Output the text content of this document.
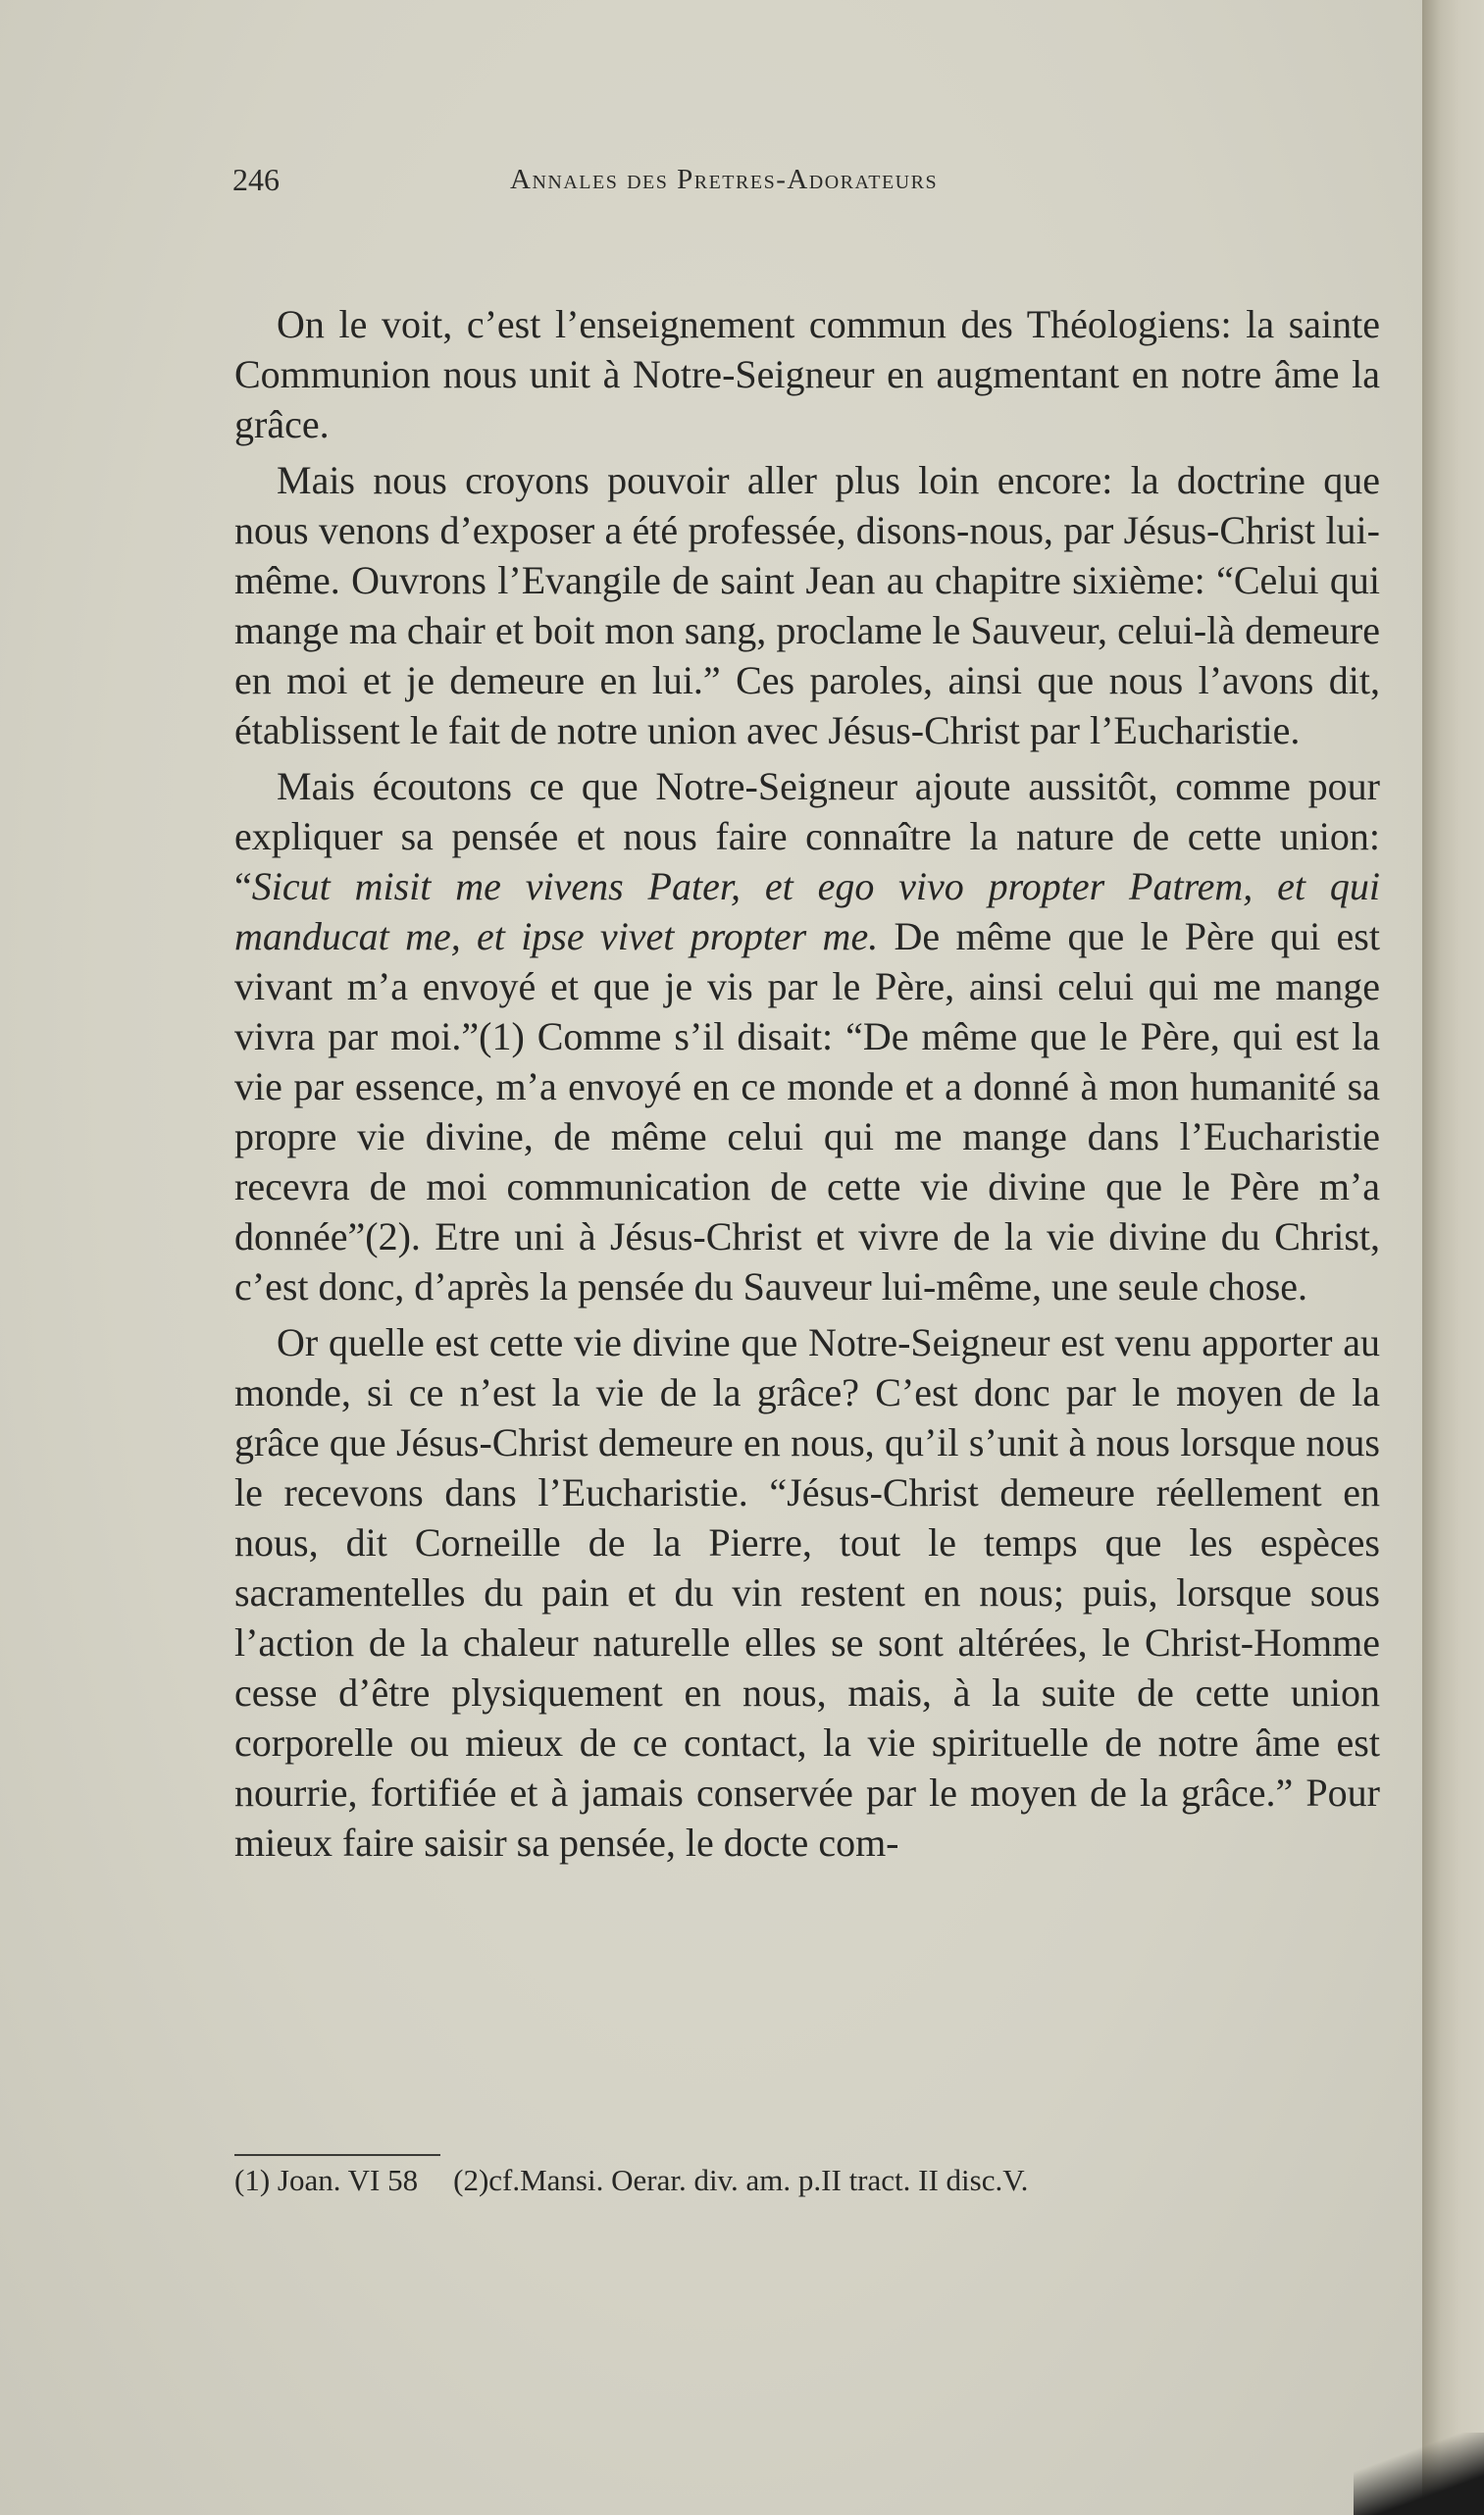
246	Annales des Pretres-Adorateurs

On le voit, c’est l’enseignement commun des Théologiens: la sainte Communion nous unit à Notre-Seigneur en augmentant en notre âme la grâce.

Mais nous croyons pouvoir aller plus loin encore: la doctrine que nous venons d’exposer a été professée, disons-nous, par Jésus-Christ lui-même. Ouvrons l’Evangile de saint Jean au chapitre sixième: “Celui qui mange ma chair et boit mon sang, proclame le Sauveur, celui-là demeure en moi et je demeure en lui.” Ces paroles, ainsi que nous l’avons dit, établissent le fait de notre union avec Jésus-Christ par l’Eucharistie.

Mais écoutons ce que Notre-Seigneur ajoute aussitôt, comme pour expliquer sa pensée et nous faire connaître la nature de cette union: “Sicut misit me vivens Pater, et ego vivo propter Patrem, et qui manducat me, et ipse vivet propter me. De même que le Père qui est vivant m’a envoyé et que je vis par le Père, ainsi celui qui me mange vivra par moi.”(1) Comme s’il disait: “De même que le Père, qui est la vie par essence, m’a envoyé en ce monde et a donné à mon humanité sa propre vie divine, de même celui qui me mange dans l’Eucharistie recevra de moi communication de cette vie divine que le Père m’a donnée”(2). Etre uni à Jésus-Christ et vivre de la vie divine du Christ, c’est donc, d’après la pensée du Sauveur lui-même, une seule chose.

Or quelle est cette vie divine que Notre-Seigneur est venu apporter au monde, si ce n’est la vie de la grâce? C’est donc par le moyen de la grâce que Jésus-Christ demeure en nous, qu’il s’unit à nous lorsque nous le recevons dans l’Eucharistie. “Jésus-Christ demeure réellement en nous, dit Corneille de la Pierre, tout le temps que les espèces sacramentelles du pain et du vin restent en nous; puis, lorsque sous l’action de la chaleur naturelle elles se sont altérées, le Christ-Homme cesse d’être plysiquement en nous, mais, à la suite de cette union corporelle ou mieux de ce contact, la vie spirituelle de notre âme est nourrie, fortifiée et à jamais conservée par le moyen de la grâce.” Pour mieux faire saisir sa pensée, le docte com-

(1) Joan. VI 58 (2)cf.Mansi. Oerar. div. am. p.II tract. II disc.V.
